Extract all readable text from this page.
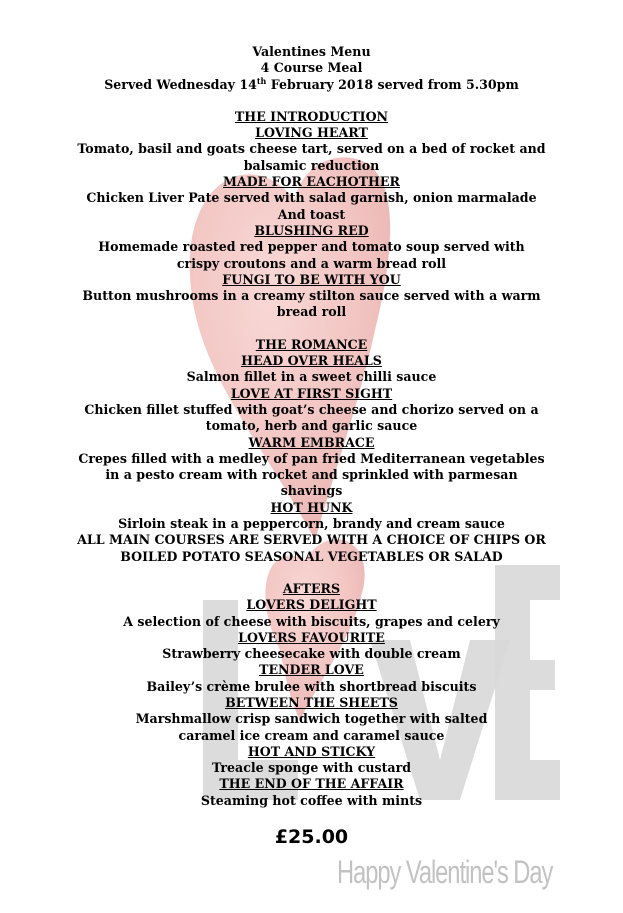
Valentines Menu
4 Course Meal
Served Wednesday 14th February 2018 served from 5.30pm
THE INTRODUCTION
LOVING HEART
Tomato, basil and goats cheese tart, served on a bed of rocket and
balsamic reduction
MADE FOR EACHOTHER
Chicken Liver Pate served with salad garnish, onion marmalade
And toast
BLUSHING RED
Homemade roasted red pepper and tomato soup served with
crispy croutons and a warm bread roll
FUNGI TO BE WITH YOU
Button mushrooms in a creamy stilton sauce served with a warm
bread roll
THE ROMANCE
HEAD OVER HEALS
Salmon fillet in a sweet chilli sauce
LOVE AT FIRST SIGHT
Chicken fillet stuffed with goat’s cheese and chorizo served on a
tomato, herb and garlic sauce
WARM EMBRACE
Crepes filled with a medley of pan fried Mediterranean vegetables
in a pesto cream with rocket and sprinkled with parmesan
shavings
HOT HUNK
Sirloin steak in a peppercorn, brandy and cream sauce
ALL MAIN COURSES ARE SERVED WITH A CHOICE OF CHIPS OR
BOILED POTATO SEASONAL VEGETABLES OR SALAD
AFTERS
LOVERS DELIGHT
A selection of cheese with biscuits, grapes and celery
LOVERS FAVOURITE
Strawberry cheesecake with double cream
TENDER LOVE
Bailey’s crème brulee with shortbread biscuits
BETWEEN THE SHEETS
Marshmallow crisp sandwich together with salted
caramel ice cream and caramel sauce
HOT AND STICKY
Treacle sponge with custard
THE END OF THE AFFAIR
Steaming hot coffee with mints
£25.00
Happy Valentine's Day
